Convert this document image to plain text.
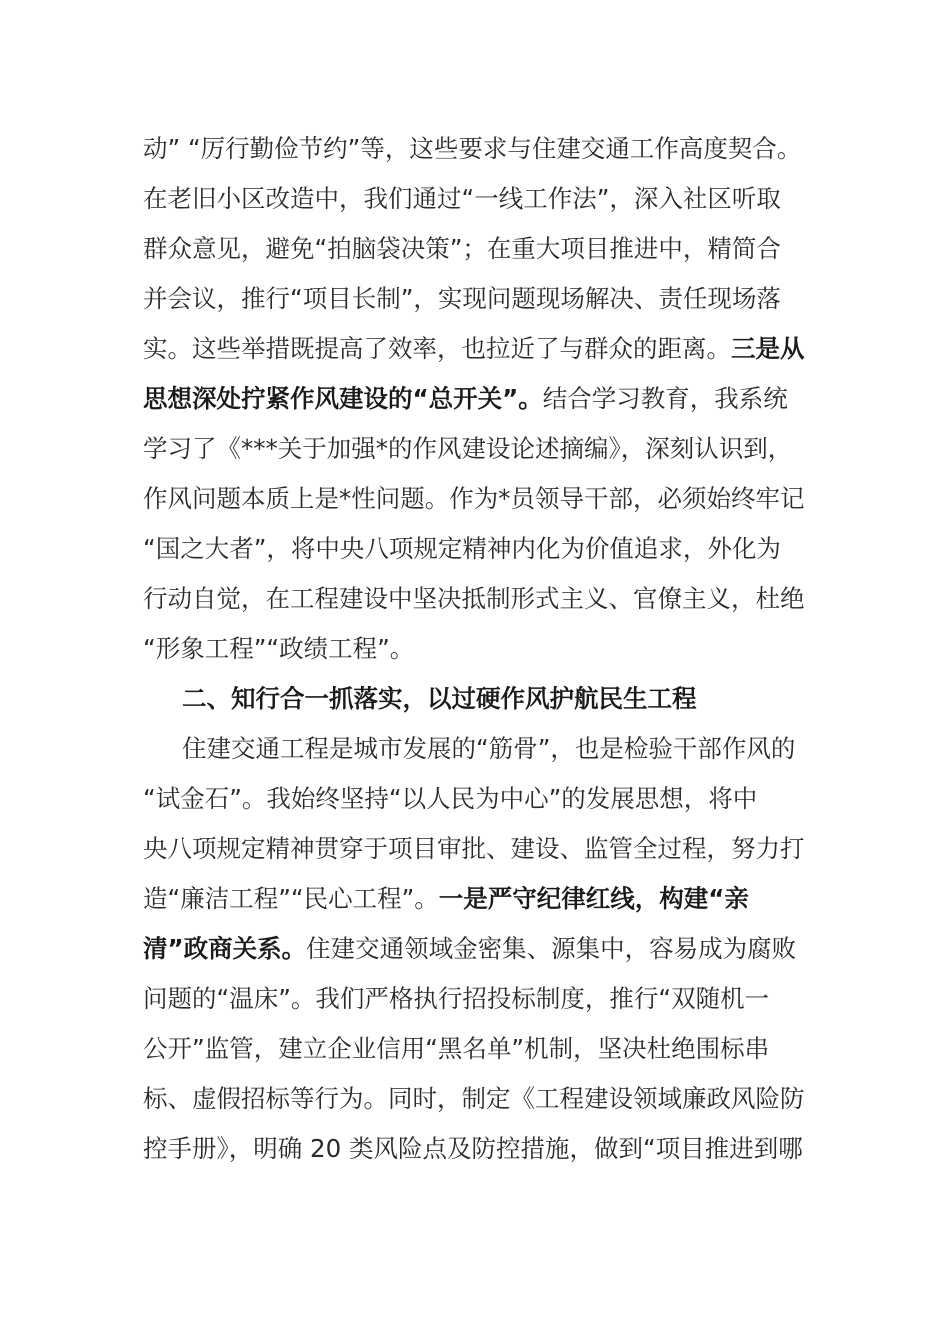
动” “厉行勤俭节约”等，这些要求与住建交通工作高度契合。
在老旧小区改造中，我们通过“一线工作法”，深入社区听取
群众意见，避免“拍脑袋决策”；在重大项目推进中，精简合
并会议，推行“项目长制”，实现问题现场解决、责任现场落
实。这些举措既提高了效率，也拉近了与群众的距离。三是从
思想深处拧紧作风建设的“总开关”。结合学习教育，我系统
学习了《***关于加强*的作风建设论述摘编》，深刻认识到，
作风问题本质上是*性问题。作为*员领导干部，必须始终牢记
“国之大者”，将中央八项规定精神内化为价值追求，外化为
行动自觉，在工程建设中坚决抵制形式主义、官僚主义，杜绝
“形象工程”“政绩工程”。
二、知行合一抓落实，以过硬作风护航民生工程
住建交通工程是城市发展的“筋骨”，也是检验干部作风的
“试金石”。我始终坚持“以人民为中心”的发展思想，将中
央八项规定精神贯穿于项目审批、建设、监管全过程，努力打
造“廉洁工程”“民心工程”。一是严守纪律红线，构建“亲
清”政商关系。住建交通领域金密集、源集中，容易成为腐败
问题的“温床”。我们严格执行招投标制度，推行“双随机一
公开”监管，建立企业信用“黑名单”机制，坚决杜绝围标串
标、虚假招标等行为。同时，制定《工程建设领域廉政风险防
控手册》，明确 20 类风险点及防控措施，做到“项目推进到哪
